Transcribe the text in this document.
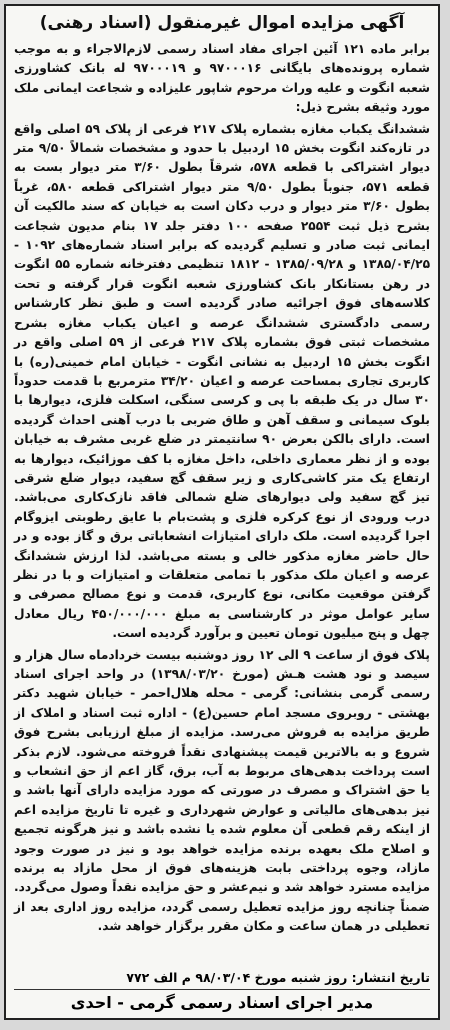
آگهی مزایده اموال غیرمنقول (اسناد رهنی)

برابر ماده ۱۲۱ آئین اجرای مفاد اسناد رسمی لازم‌الاجراء و به موجب شماره پرونده‌های بایگانی ۹۷۰۰۰۱۶ و ۹۷۰۰۰۱۹ له بانک کشاورزی شعبه انگوت و علیه وراث مرحوم شاپور علیزاده و شجاعت ایمانی ملک مورد وثیقه بشرح ذیل:

ششدانگ یکباب مغازه بشماره پلاک ۲۱۷ فرعی از پلاک ۵۹ اصلی واقع در تازه‌کند انگوت بخش ۱۵ اردبیل با حدود و مشخصات شمالاً ۹/۵۰ متر دیوار اشتراکی با قطعه ۵۷۸، شرقاً بطول ۳/۶۰ متر دیوار بست به قطعه ۵۷۱، جنوباً بطول ۹/۵۰ متر دیوار اشتراکی قطعه ۵۸۰، غرباً بطول ۳/۶۰ متر دیوار و درب دکان است به خیابان که سند مالکیت آن بشرح ذیل ثبت ۲۵۵۴ صفحه ۱۰۰ دفتر جلد ۱۷ بنام مدیون شجاعت ایمانی ثبت صادر و تسلیم گردیده که برابر اسناد شماره‌های ۱۰۹۲ - ۱۳۸۵/۰۴/۲۵ و ۱۳۸۵/۰۹/۲۸ - ۱۸۱۲ تنظیمی دفترخانه شماره ۵۵ انگوت در رهن بستانکار بانک کشاورزی شعبه انگوت قرار گرفته و تحت کلاسه‌های فوق اجرائیه صادر گردیده است و طبق نظر کارشناس رسمی دادگستری ششدانگ عرصه و اعیان یکباب مغازه بشرح مشخصات ثبتی فوق بشماره پلاک ۲۱۷ فرعی از ۵۹ اصلی واقع در انگوت بخش ۱۵ اردبیل به نشانی انگوت - خیابان امام خمینی(ره) با کاربری تجاری بمساحت عرصه و اعیان ۳۴/۲۰ مترمربع با قدمت حدوداً ۳۰ سال در یک طبقه با پی و کرسی سنگی، اسکلت فلزی، دیوارها با بلوک سیمانی و سقف آهن و طاق ضربی با درب آهنی احداث گردیده است. دارای بالکن بعرض ۹۰ سانتیمتر در ضلع غربی مشرف به خیابان بوده و از نظر معماری داخلی، داخل مغازه با کف موزائیک، دیوارها به ارتفاع یک متر کاشی‌کاری و زیر سقف گچ سفید، دیوار ضلع شرقی تیز گچ سفید ولی دیوارهای ضلع شمالی فاقد نازک‌کاری می‌باشد. درب ورودی از نوع کرکره فلزی و پشت‌بام با عایق رطوبتی ایزوگام اجرا گردیده است. ملک دارای امتیازات انشعاباتی برق و گاز بوده و در حال حاضر مغازه مذکور خالی و بسته می‌باشد. لذا ارزش ششدانگ عرصه و اعیان ملک مذکور با تمامی متعلقات و امتیازات و با در نظر گرفتن موقعیت مکانی، نوع کاربری، قدمت و نوع مصالح مصرفی و سایر عوامل موثر در کارشناسی به مبلغ ۴۵۰/۰۰۰/۰۰۰ ریال معادل چهل و پنج میلیون تومان تعیین و برآورد گردیده است.

پلاک فوق از ساعت ۹ الی ۱۲ روز دوشنبه بیست خردادماه سال هزار و سیصد و نود هشت هـش (مورخ ۱۳۹۸/۰۳/۲۰) در واحد اجرای اسناد رسمی گرمی بنشانی: گرمی - محله هلال‌احمر - خیابان شهید دکتر بهشتی - روبروی مسجد امام حسین(ع) - اداره ثبت اسناد و املاک از طریق مزایده به فروش می‌رسد. مزایده از مبلغ ارزیابی بشرح فوق شروع و به بالاترین قیمت پیشنهادی نقداً فروخته می‌شود. لازم بذکر است پرداخت بدهی‌های مربوط به آب، برق، گاز اعم از حق انشعاب و یا حق اشتراک و مصرف در صورتی که مورد مزایده دارای آنها باشد و نیز بدهی‌های مالیاتی و عوارض شهرداری و غیره تا تاریخ مزایده اعم از اینکه رقم قطعی آن معلوم شده یا نشده باشد و نیز هرگونه تجمیع و اصلاح ملک بعهده برنده مزایده خواهد بود و نیز در صورت وجود مازاد، وجوه پرداختی بابت هزینه‌های فوق از محل مازاد به برنده مزایده مسترد خواهد شد و نیم‌عشر و حق مزایده نقداً وصول می‌گردد. ضمناً چنانچه روز مزایده تعطیل رسمی گردد، مزایده روز اداری بعد از تعطیلی در همان ساعت و مکان مقرر برگزار خواهد شد.

تاریخ انتشار: روز شنبه مورخ ۹۸/۰۳/۰۴ م الف ۷۷۲
مدیر اجرای اسناد رسمی گرمی - احدی
